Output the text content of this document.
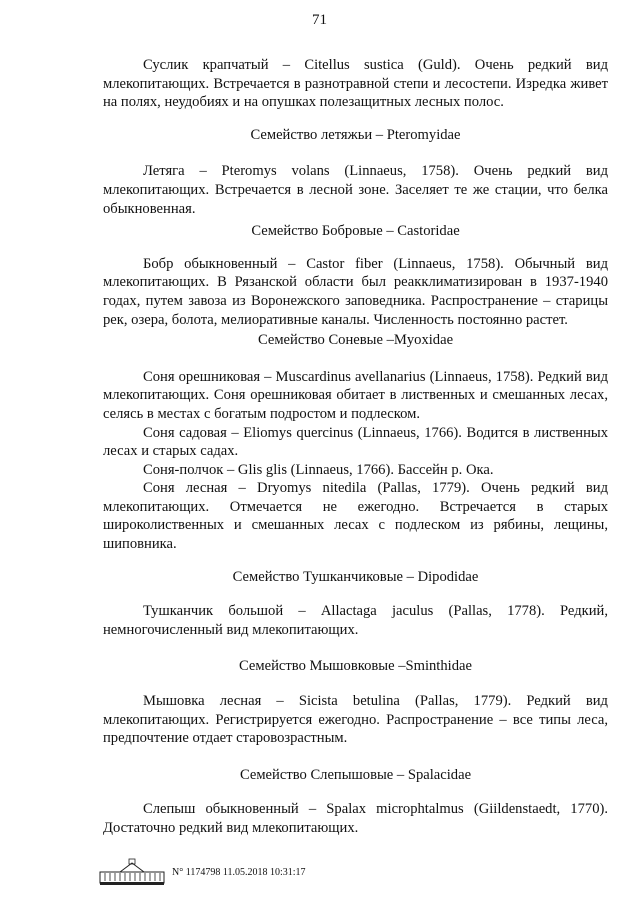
71

Суслик крапчатый – Citellus sustica (Guld). Очень редкий вид млекопитающих. Встречается в разнотравной степи и лесостепи. Изредка живет на полях, неудобиях и на опушках полезащитных лесных полос.

Семейство летяжьи – Pteromyidae

Летяга – Pteromys volans (Linnaeus, 1758). Очень редкий вид млекопитающих. Встречается в лесной зоне. Заселяет те же стации, что белка обыкновенная.

Семейство Бобровые – Castoridae

Бобр обыкновенный – Castor fiber (Linnaeus, 1758). Обычный вид млекопитающих. В Рязанской области был реакклиматизирован в 1937-1940 годах, путем завоза из Воронежского заповедника. Распространение – старицы рек, озера, болота, мелиоративные каналы. Численность постоянно растет.

Семейство Соневые –Myoxidae

Соня орешниковая – Muscardinus avellanarius (Linnaeus, 1758). Редкий вид млекопитающих. Соня орешниковая обитает в лиственных и смешанных лесах, селясь в местах с богатым подростом и подлеском.

Соня садовая – Eliomys quercinus (Linnaeus, 1766). Водится в лиственных лесах и старых садах.

Соня-полчок – Glis glis (Linnaeus, 1766). Бассейн р. Ока.

Соня лесная – Dryomys nitedila (Pallas, 1779). Очень редкий вид млекопитающих. Отмечается не ежегодно. Встречается в старых широколиственных и смешанных лесах с подлеском из рябины, лещины, шиповника.

Семейство Тушканчиковые – Dipodidae

Тушканчик большой – Allactaga jaculus (Pallas, 1778). Редкий, немногочисленный вид млекопитающих.

Семейство Мышовковые –Sminthidae

Мышовка лесная – Sicista betulina (Pallas, 1779). Редкий вид млекопитающих. Регистрируется ежегодно. Распространение – все типы леса, предпочтение отдает старовозрастным.

Семейство Слепышовые – Spalacidae

Слепыш обыкновенный – Spalax microphtalmus (Giildenstaedt, 1770). Достаточно редкий вид млекопитающих.

N° 1174798 11.05.2018 10:31:17
